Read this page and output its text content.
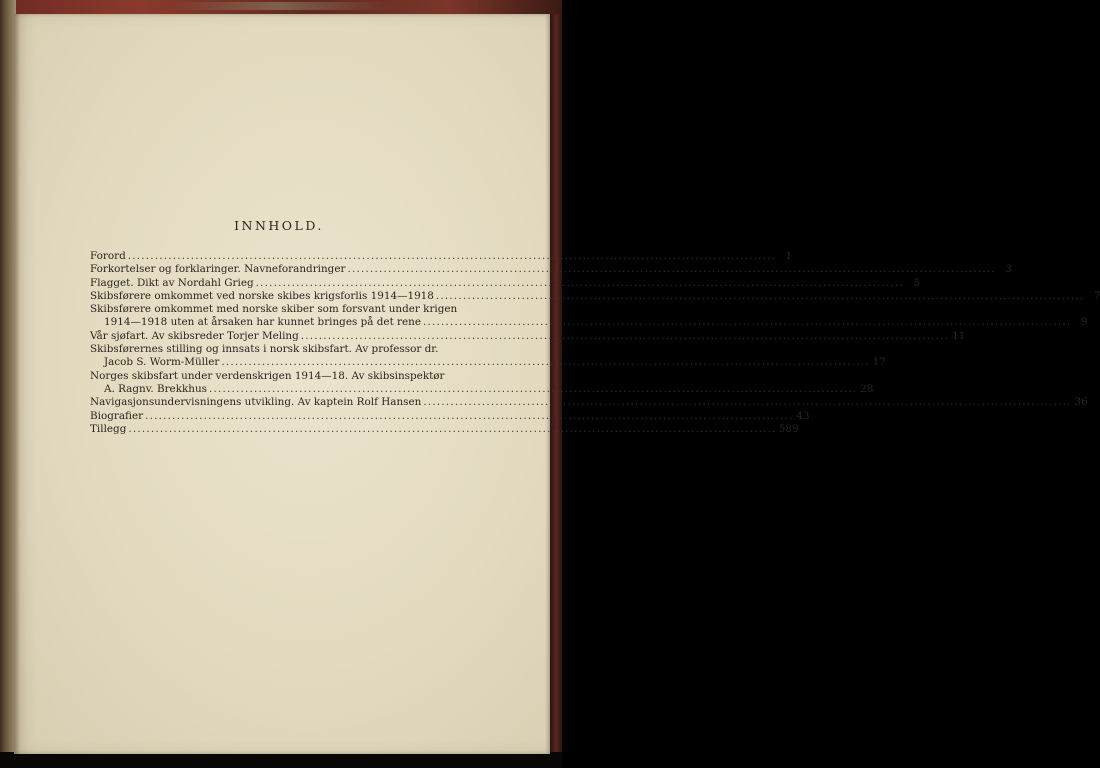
INNHOLD.
Forord .....	1
Forkortelser og forklaringer. Navneforandringer .....	3
Flagget. Dikt av Nordahl Grieg .....	5
Skibsførere omkommet ved norske skibes krigsforlis 1914—1918 .....	7
Skibsførere omkommet med norske skiber som forsvant under krigen
1914—1918 uten at årsaken har kunnet bringes på det rene .....	9
Vår sjøfart. Av skibsreder Torjer Meling .....	11
Skibsførernes stilling og innsats i norsk skibsfart. Av professor dr.
Jacob S. Worm-Müller .....	17
Norges skibsfart under verdenskrigen 1914—18. Av skibsinspektør
A. Ragnv. Brekkhus .....	28
Navigasjonsundervisningens utvikling. Av kaptein Rolf Hansen .....	36
Biografier .....	43
Tillegg .....	589
